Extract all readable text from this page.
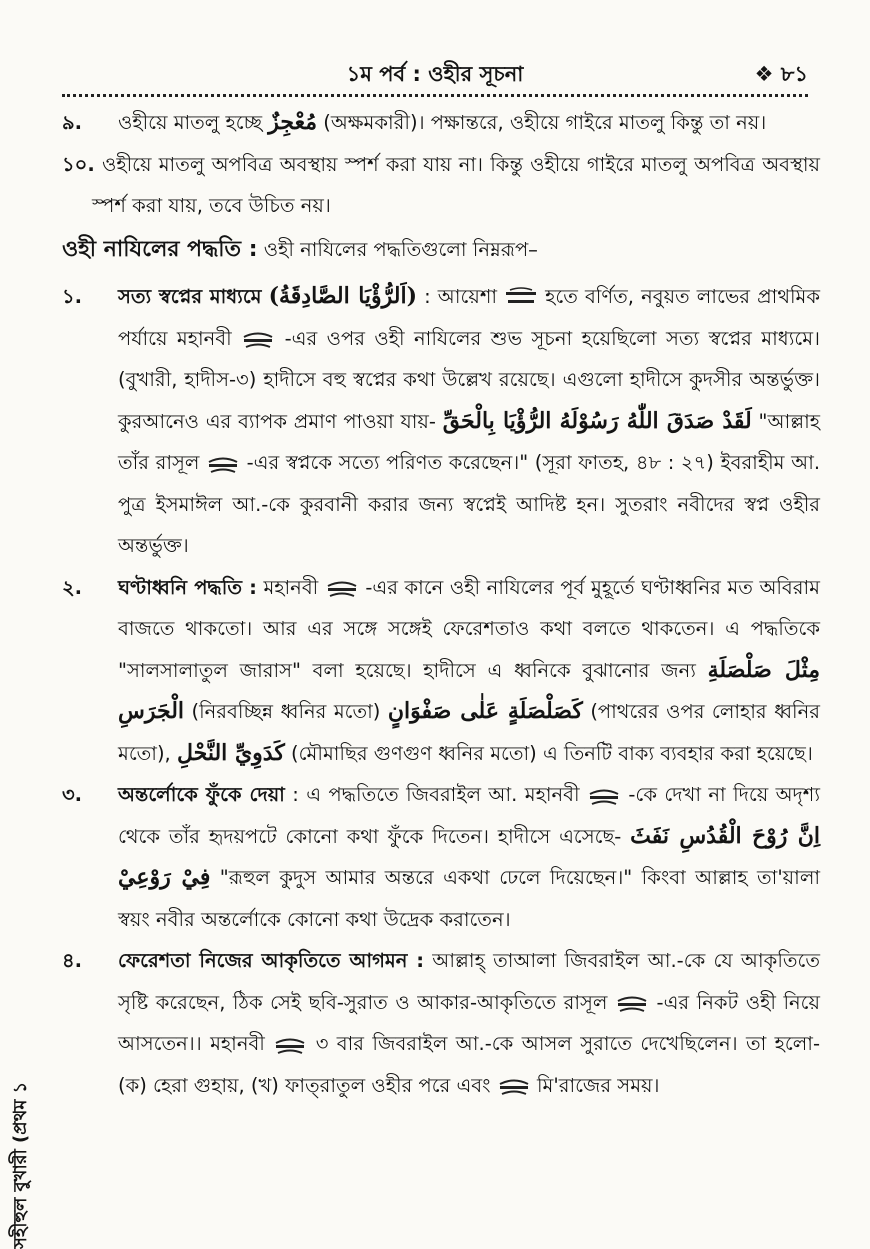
১ম পর্ব : ওহীর সূচনা	❖ ৮১
৯. ওহীয়ে মাতলু হচ্ছে مُعْجِزٌ (অক্ষমকারী)। পক্ষান্তরে, ওহীয়ে গাইরে মাতলু কিন্তু তা নয়।
১০. ওহীয়ে মাতলু অপবিত্র অবস্থায় স্পর্শ করা যায় না। কিন্তু ওহীয়ে গাইরে মাতলু অপবিত্র অবস্থায় স্পর্শ করা যায়, তবে উচিত নয়।
ওহী নাযিলের পদ্ধতি : ওহী নাযিলের পদ্ধতিগুলো নিম্নরূপ–
১. সত্য স্বপ্নের মাধ্যমে (اَلرُّؤْيَا الصَّادِقَةُ) : আয়েশা হতে বর্ণিত, নবুয়ত লাভের প্রাথমিক পর্যায়ে মহানবী	-এর ওপর ওহী নাযিলের শুভ সূচনা হয়েছিলো সত্য স্বপ্নের মাধ্যমে। (বুখারী, হাদীস-৩) হাদীসে বহু স্বপ্নের কথা উল্লেখ রয়েছে। এগুলো হাদীসে কুদসীর অন্তর্ভুক্ত। কুরআনেও এর ব্যাপক প্রমাণ পাওয়া যায়- لَقَدْ صَدَقَ اللّٰهُ رَسُوْلَهُ الرُّؤْيَا بِالْحَقِّ "আল্লাহ তাঁর রাসূল -এর স্বপ্নকে সত্যে পরিণত করেছেন।" (সূরা ফাতহ, ৪৮ : ২৭) ইবরাহীম আ. পুত্র ইসমাঈল আ.-কে কুরবানী করার জন্য স্বপ্নেই আদিষ্ট হন। সুতরাং নবীদের স্বপ্ন ওহীর অন্তর্ভুক্ত।
২. ঘণ্টাধ্বনি পদ্ধতি : মহানবী -এর কানে ওহী নাযিলের পূর্ব মুহূর্তে ঘণ্টাধ্বনির মত অবিরাম বাজতে থাকতো। আর এর সঙ্গে সঙ্গেই ফেরেশতাও কথা বলতে থাকতেন। এ পদ্ধতিকে "সালসালাতুল জারাস" বলা হয়েছে। হাদীসে এ ধ্বনিকে বুঝানোর জন্য مِثْلَ صَلْصَلَةِ الْجَرَسِ (নিরবচ্ছিন্ন ধ্বনির মতো) كَصَلْصَلَةٍ عَلٰى صَفْوَانٍ (পাথরের ওপর লোহার ধ্বনির মতো), كَدَوِيِّ النَّحْلِ (মৌমাছির গুণগুণ ধ্বনির মতো) এ তিনটি বাক্য ব্যবহার করা হয়েছে।
৩. অন্তর্লোকে ফুঁকে দেয়া : এ পদ্ধতিতে জিবরাইল আ. মহানবী	-কে দেখা না দিয়ে অদৃশ্য থেকে তাঁর হৃদয়পটে কোনো কথা ফুঁকে দিতেন। হাদীসে এসেছে- اِنَّ رُوْحَ الْقُدُسِ نَفَثَ فِيْ رَوْعِيْ "রূহুল কুদুস আমার অন্তরে একথা ঢেলে দিয়েছেন।" কিংবা আল্লাহ তা'য়ালা স্বয়ং নবীর অন্তর্লোকে কোনো কথা উদ্রেক করাতেন।
৪. ফেরেশতা নিজের আকৃতিতে আগমন : আল্লাহ্ তাআলা জিবরাইল আ.-কে যে আকৃতিতে সৃষ্টি করেছেন, ঠিক সেই ছবি-সুরাত ও আকার-আকৃতিতে রাসূল	-এর নিকট ওহী নিয়ে আসতেন।। মহানবী	৩ বার জিবরাইল আ.-কে আসল সুরাতে দেখেছিলেন। তা হলো- (ক) হেরা গুহায়, (খ) ফাত্‌রাতুল ওহীর পরে এবং মি'রাজের সময়।
সহীহুল বুখারী (প্রথম ১
